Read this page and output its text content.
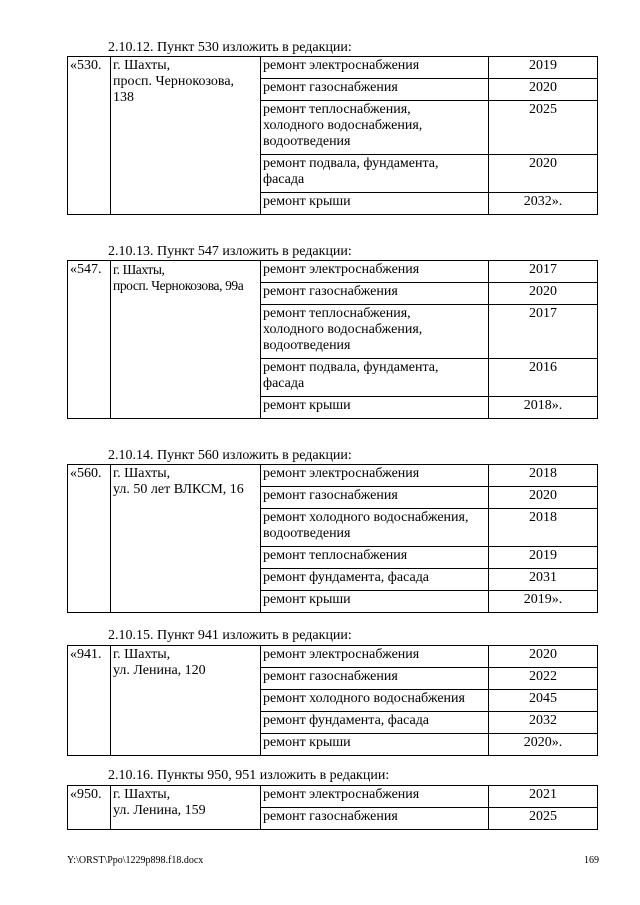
2.10.12. Пункт 530 изложить в редакции:
«530.	г. Шахты,
просп. Чернокозова,
138	ремонт электроснабжения	2019
		ремонт газоснабжения	2020
		ремонт теплоснабжения,
холодного водоснабжения,
водоотведения	2025
		ремонт подвала, фундамента,
фасада	2020
		ремонт крыши	2032».
2.10.13. Пункт 547 изложить в редакции:
«547.	г. Шахты,
просп. Чернокозова, 99а	ремонт электроснабжения	2017
		ремонт газоснабжения	2020
		ремонт теплоснабжения,
холодного водоснабжения,
водоотведения	2017
		ремонт подвала, фундамента,
фасада	2016
		ремонт крыши	2018».
2.10.14. Пункт 560 изложить в редакции:
«560.	г. Шахты,
ул. 50 лет ВЛКСМ, 16	ремонт электроснабжения	2018
		ремонт газоснабжения	2020
		ремонт холодного водоснабжения,
водоотведения	2018
		ремонт теплоснабжения	2019
		ремонт фундамента, фасада	2031
		ремонт крыши	2019».
2.10.15. Пункт 941 изложить в редакции:
«941.	г. Шахты,
ул. Ленина, 120	ремонт электроснабжения	2020
		ремонт газоснабжения	2022
		ремонт холодного водоснабжения	2045
		ремонт фундамента, фасада	2032
		ремонт крыши	2020».
2.10.16. Пункты 950, 951 изложить в редакции:
«950.	г. Шахты,
ул. Ленина, 159	ремонт электроснабжения	2021
		ремонт газоснабжения	2025
Y:\ORST\Ppo\1229p898.f18.docx	169
